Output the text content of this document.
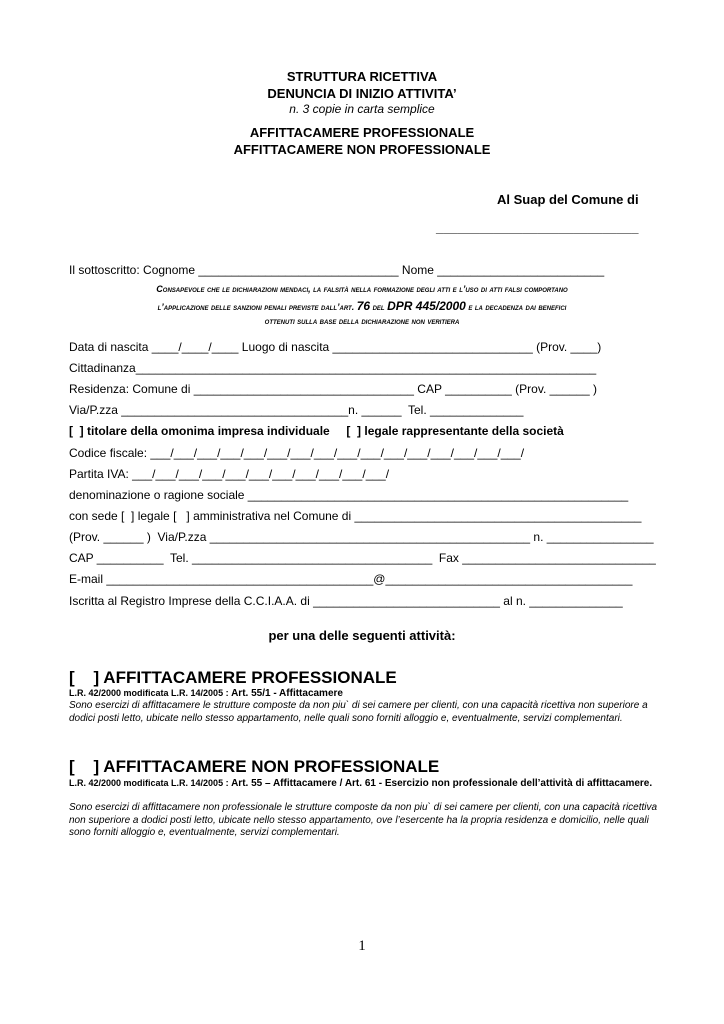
STRUTTURA RICETTIVA
DENUNCIA DI INIZIO ATTIVITA’
n. 3 copie in carta semplice
AFFITTACAMERE PROFESSIONALE
AFFITTACAMERE NON PROFESSIONALE
Al Suap del Comune di
____________________________
Il sottoscritto: Cognome ______________________________ Nome _________________________
Consapevole che le dichiarazioni mendaci, la falsità nella formazione degli atti e l’uso di atti falsi comportano
l’applicazione delle sanzioni penali previste dall’art. 76 del DPR 445/2000 e la decadenza dai benefici
ottenuti sulla base della dichiarazione non veritiera
Data di nascita ____/____/____ Luogo di nascita ______________________________ (Prov. ____)
Cittadinanza_____________________________________________________________________
Residenza: Comune di _________________________________ CAP __________ (Prov. ______ )
Via/P.zza __________________________________n. ______  Tel. ______________
[  ] titolare della omonima impresa individuale     [  ] legale rappresentante della società
Codice fiscale: ___/___/___/___/___/___/___/___/___/___/___/___/___/___/___/___/
Partita IVA: ___/___/___/___/___/___/___/___/___/___/___/
denominazione o ragione sociale _________________________________________________________
con sede [  ] legale [   ] amministrativa nel Comune di ___________________________________________
(Prov. ______ )  Via/P.zza ________________________________________________ n. ________________
CAP __________  Tel. ____________________________________  Fax _____________________________
E-mail ________________________________________@_____________________________________
Iscritta al Registro Imprese della C.C.I.A.A. di ____________________________ al n. ______________
per una delle seguenti attività:
[    ] AFFITTACAMERE PROFESSIONALE
L.R. 42/2000 modificata L.R. 14/2005 : Art. 55/1 - Affittacamere
Sono esercizi di affittacamere le strutture composte da non piu` di sei camere per clienti, con una capacità ricettiva non superiore a dodici posti letto, ubicate nello stesso appartamento, nelle quali sono forniti alloggio e, eventualmente, servizi complementari.
[    ] AFFITTACAMERE NON PROFESSIONALE
L.R. 42/2000 modificata L.R. 14/2005 : Art. 55 – Affittacamere / Art. 61 - Esercizio non professionale dell’attività di affittacamere.
Sono esercizi di affittacamere non professionale le strutture composte da non piu` di sei camere per clienti, con una capacità ricettiva non superiore a dodici posti letto, ubicate nello stesso appartamento, ove l’esercente ha la propria residenza e domicilio, nelle quali sono forniti alloggio e, eventualmente, servizi complementari.
1
